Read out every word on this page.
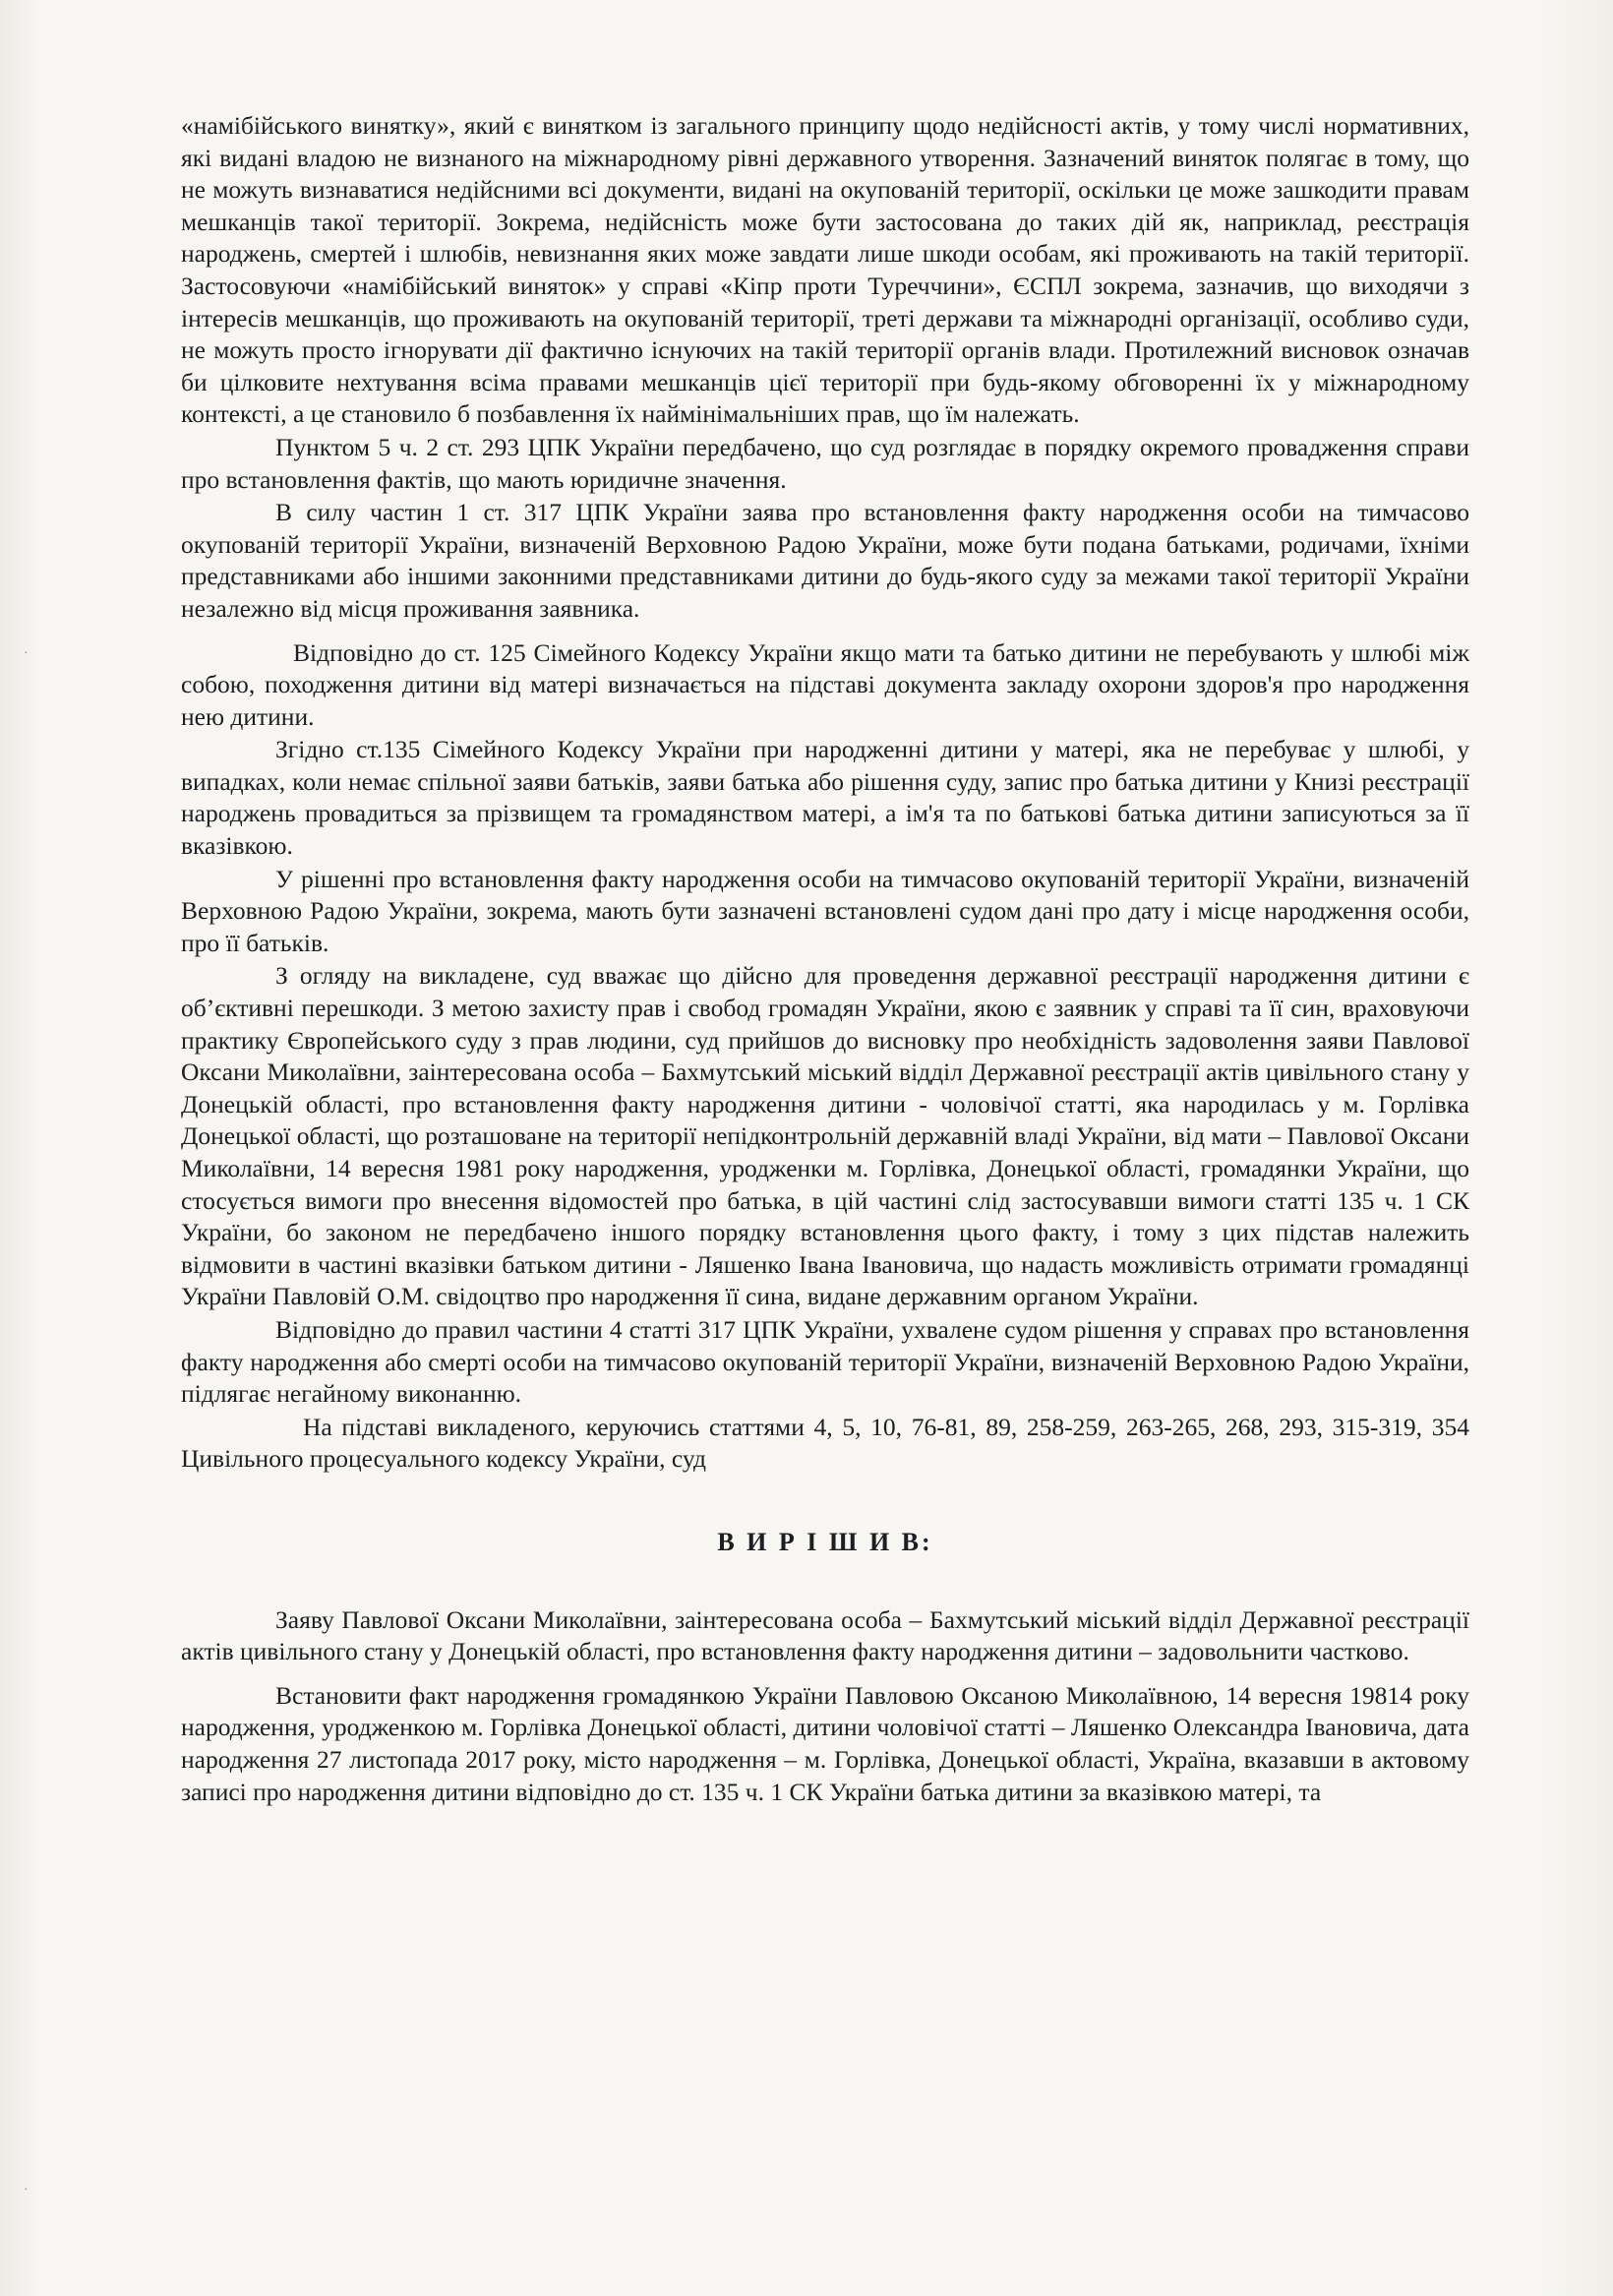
·
·

«намібійського винятку», який є винятком із загального принципу щодо недійсності актів, у тому числі нормативних, які видані владою не визнаного на міжнародному рівні державного утворення. Зазначений виняток полягає в тому, що не можуть визнаватися недійсними всі документи, видані на окупованій території, оскільки це може зашкодити правам мешканців такої території. Зокрема, недійсність може бути застосована до таких дій як, наприклад, реєстрація народжень, смертей і шлюбів, невизнання яких може завдати лише шкоди особам, які проживають на такій території. Застосовуючи «намібійський виняток» у справі «Кіпр проти Туреччини», ЄСПЛ зокрема, зазначив, що виходячи з інтересів мешканців, що проживають на окупованій території, треті держави та міжнародні організації, особливо суди, не можуть просто ігнорувати дії фактично існуючих на такій території органів влади. Протилежний висновок означав би цілковите нехтування всіма правами мешканців цієї території при будь-якому обговоренні їх у міжнародному контексті, а це становило б позбавлення їх наймінімальніших прав, що їм належать.

Пунктом 5 ч. 2 ст. 293 ЦПК України передбачено, що суд розглядає в порядку окремого провадження справи про встановлення фактів, що мають юридичне значення.

В силу частин 1 ст. 317 ЦПК України заява про встановлення факту народження особи на тимчасово окупованій території України, визначеній Верховною Радою України, може бути подана батьками, родичами, їхніми представниками або іншими законними представниками дитини до будь-якого суду за межами такої території України незалежно від місця проживання заявника.

Відповідно до ст. 125 Сімейного Кодексу України якщо мати та батько дитини не перебувають у шлюбі між собою, походження дитини від матері визначається на підставі документа закладу охорони здоров'я про народження нею дитини.

Згідно ст.135 Сімейного Кодексу України при народженні дитини у матері, яка не перебуває у шлюбі, у випадках, коли немає спільної заяви батьків, заяви батька або рішення суду, запис про батька дитини у Книзі реєстрації народжень провадиться за прізвищем та громадянством матері, а ім'я та по батькові батька дитини записуються за її вказівкою.

У рішенні про встановлення факту народження особи на тимчасово окупованій території України, визначеній Верховною Радою України, зокрема, мають бути зазначені встановлені судом дані про дату і місце народження особи, про її батьків.

З огляду на викладене, суд вважає що дійсно для проведення державної реєстрації народження дитини є об’єктивні перешкоди. З метою захисту прав і свобод громадян України, якою є заявник у справі та її син, враховуючи практику Європейського суду з прав людини, суд прийшов до висновку про необхідність задоволення заяви Павлової Оксани Миколаївни, заінтересована особа – Бахмутський міський відділ Державної реєстрації актів цивільного стану у Донецькій області, про встановлення факту народження дитини - чоловічої статті, яка народилась у м. Горлівка Донецької області, що розташоване на території непідконтрольній державній владі України, від мати – Павлової Оксани Миколаївни, 14 вересня 1981 року народження, уродженки м. Горлівка, Донецької області, громадянки України, що стосується вимоги про внесення відомостей про батька, в цій частині слід застосувавши вимоги статті 135 ч. 1 СК України, бо законом не передбачено іншого порядку встановлення цього факту, і тому з цих підстав належить відмовити в частині вказівки батьком дитини - Ляшенко Івана Івановича, що надасть можливість отримати громадянці України Павловій О.М. свідоцтво про народження її сина, видане державним органом України.

Відповідно до правил частини 4 статті 317 ЦПК України, ухвалене судом рішення у справах про встановлення факту народження або смерті особи на тимчасово окупованій території України, визначеній Верховною Радою України, підлягає негайному виконанню.

На підставі викладеного, керуючись статтями 4, 5, 10, 76-81, 89, 258-259, 263-265, 268, 293, 315-319, 354 Цивільного процесуального кодексу України, суд

В И Р І Ш И В:

Заяву Павлової Оксани Миколаївни, заінтересована особа – Бахмутський міський відділ Державної реєстрації актів цивільного стану у Донецькій області, про встановлення факту народження дитини – задовольнити частково.

Встановити факт народження громадянкою України Павловою Оксаною Миколаївною, 14 вересня 19814 року народження, уродженкою м. Горлівка Донецької області, дитини чоловічої статті – Ляшенко Олександра Івановича, дата народження 27 листопада 2017 року, місто народження – м. Горлівка, Донецької області, Україна, вказавши в актовому записі про народження дитини відповідно до ст. 135 ч. 1 СК України батька дитини за вказівкою матері, та
